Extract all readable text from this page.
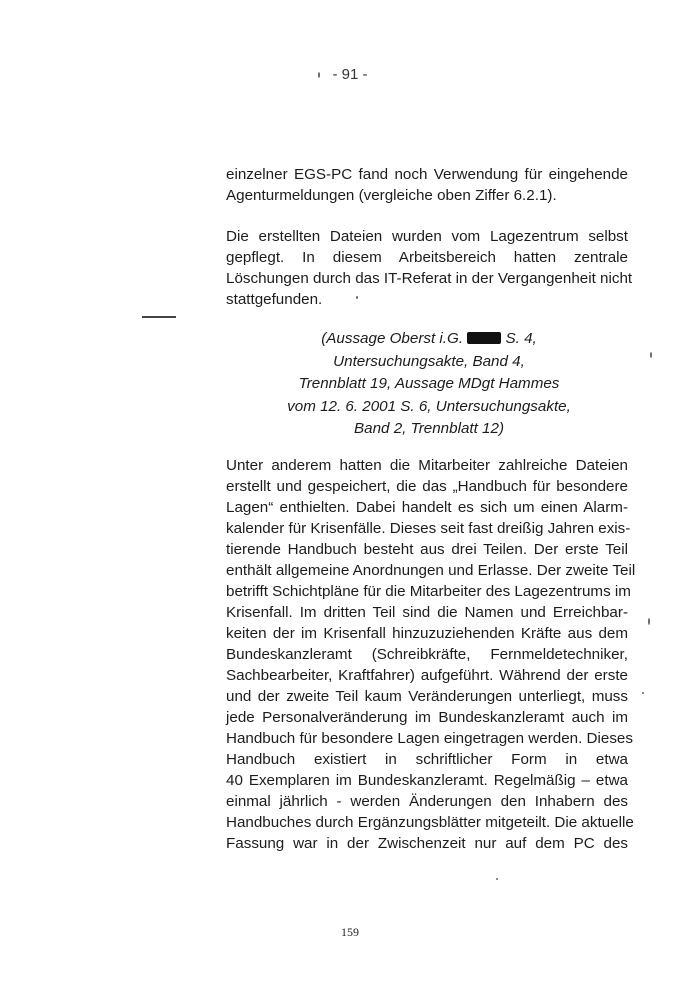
- 91 -

einzelner EGS-PC fand noch Verwendung für eingehende
Agenturmeldungen (vergleiche oben Ziffer 6.2.1).

Die erstellten Dateien wurden vom Lagezentrum selbst
gepflegt. In diesem Arbeitsbereich hatten zentrale
Löschungen durch das IT-Referat in der Vergangenheit nicht
stattgefunden.

(Aussage Oberst i.G.	S. 4,
Untersuchungsakte, Band 4,
Trennblatt 19, Aussage MDgt Hammes
vom 12. 6. 2001 S. 6, Untersuchungsakte,
Band 2, Trennblatt 12)

Unter anderem hatten die Mitarbeiter zahlreiche Dateien
erstellt und gespeichert, die das „Handbuch für besondere
Lagen“ enthielten. Dabei handelt es sich um einen Alarm-
kalender für Krisenfälle. Dieses seit fast dreißig Jahren exis-
tierende Handbuch besteht aus drei Teilen. Der erste Teil
enthält allgemeine Anordnungen und Erlasse. Der zweite Teil
betrifft Schichtpläne für die Mitarbeiter des Lagezentrums im
Krisenfall. Im dritten Teil sind die Namen und Erreichbar-
keiten der im Krisenfall hinzuzuziehenden Kräfte aus dem
Bundeskanzleramt (Schreibkräfte, Fernmeldetechniker,
Sachbearbeiter, Kraftfahrer) aufgeführt. Während der erste
und der zweite Teil kaum Veränderungen unterliegt, muss
jede Personalveränderung im Bundeskanzleramt auch im
Handbuch für besondere Lagen eingetragen werden. Dieses
Handbuch existiert in schriftlicher Form in etwa
40 Exemplaren im Bundeskanzleramt. Regelmäßig – etwa
einmal jährlich - werden Änderungen den Inhabern des
Handbuches durch Ergänzungsblätter mitgeteilt. Die aktuelle
Fassung war in der Zwischenzeit nur auf dem PC des

159
